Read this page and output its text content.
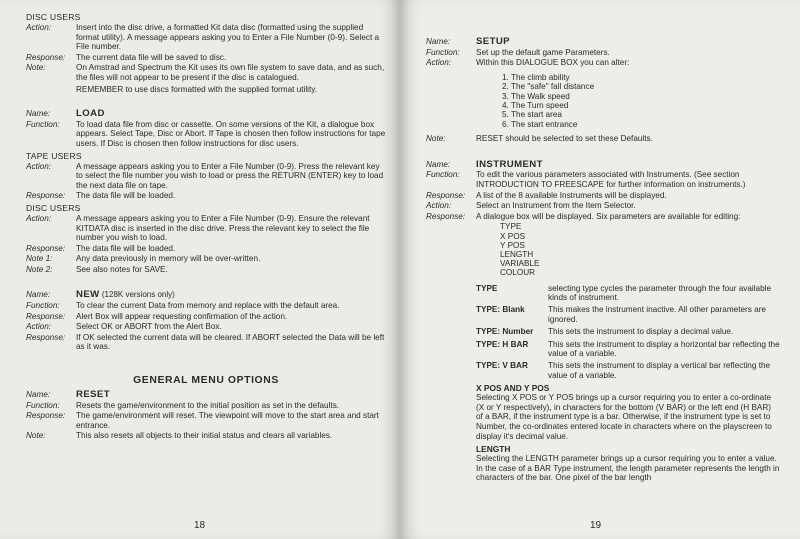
DISC USERS
Action:	Insert into the disc drive, a formatted Kit data disc (formatted using the supplied format utility). A message appears asking you to Enter a File Number (0-9). Select a File number.
Response:	The current data file will be saved to disc.
Note:	On Amstrad and Spectrum the Kit uses its own file system to save data, and as such, the files will not appear to be present if the disc is catalogued.
REMEMBER to use discs formatted with the supplied format utility.
Name:	LOAD
Function:	To load data file from disc or cassette. On some versions of the Kit, a dialogue box appears. Select Tape, Disc or Abort. If Tape is chosen then follow instructions for tape users. If Disc is chosen then follow instructions for disc users.
TAPE USERS
Action:	A message appears asking you to Enter a File Number (0-9). Press the relevant key to select the file number you wish to load or press the RETURN (ENTER) key to load the next data file on tape.
Response:	The data file will be loaded.
DISC USERS
Action:	A message appears asking you to Enter a File Number (0-9). Ensure the relevant KITDATA disc is inserted in the disc drive. Press the relevant key to select the file number you wish to load.
Response:	The data file will be loaded.
Note 1:	Any data previously in memory will be over-written.
Note 2:	See also notes for SAVE.
Name:	NEW (128K versions only)
Function:	To clear the current Data from memory and replace with the default area.
Response:	Alert Box will appear requesting confirmation of the action.
Action:	Select OK or ABORT from the Alert Box.
Response:	If OK selected the current data will be cleared. If ABORT selected the Data will be left as it was.
GENERAL MENU OPTIONS
Name:	RESET
Function:	Resets the game/environment to the initial position as set in the defaults.
Response:	The game/environment will reset. The viewpoint will move to the start area and start entrance.
Note:	This also resets all objects to their initial status and clears all variables.
18
Name:	SETUP
Function:	Set up the default game Parameters.
Action:	Within this DIALOGUE BOX you can alter:
1. The climb ability
2. The "safe" fall distance
3. The Walk speed
4. The Turn speed
5. The start area
6. The start entrance
Note:	RESET should be selected to set these Defaults.
Name:	INSTRUMENT
Function:	To edit the various parameters associated with Instruments. (See section INTRODUCTION TO FREESCAPE for further information on instruments.)
Response:	A list of the 8 available Instruments will be displayed.
Action:	Select an Instrument from the Item Selector.
Response:	A dialogue box will be displayed. Six parameters are available for editing:
TYPE
X POS
Y POS
LENGTH
VARIABLE
COLOUR
TYPE	selecting type cycles the parameter through the four available kinds of instrument.
TYPE: Blank	This makes the instrument inactive. All other parameters are ignored.
TYPE: Number	This sets the instrument to display a decimal value.
TYPE: H BAR	This sets the instrument to display a horizontal bar reflecting the value of a variable.
TYPE: V BAR	This sets the instrument to display a vertical bar reflecting the value of a variable.
X POS AND Y POS
Selecting X POS or Y POS brings up a cursor requiring you to enter a co-ordinate (X or Y respectively), in characters for the bottom (V BAR) or the left end (H BAR) of a BAR, if the instrument type is a bar. Otherwise, if the instrument type is set to Number, the co-ordinates entered locate in characters where on the playscreen to display it's decimal value.
LENGTH
Selecting the LENGTH parameter brings up a cursor requiring you to enter a value. In the case of a BAR Type instrument, the length parameter represents the length in characters of the bar. One pixel of the bar length
19
